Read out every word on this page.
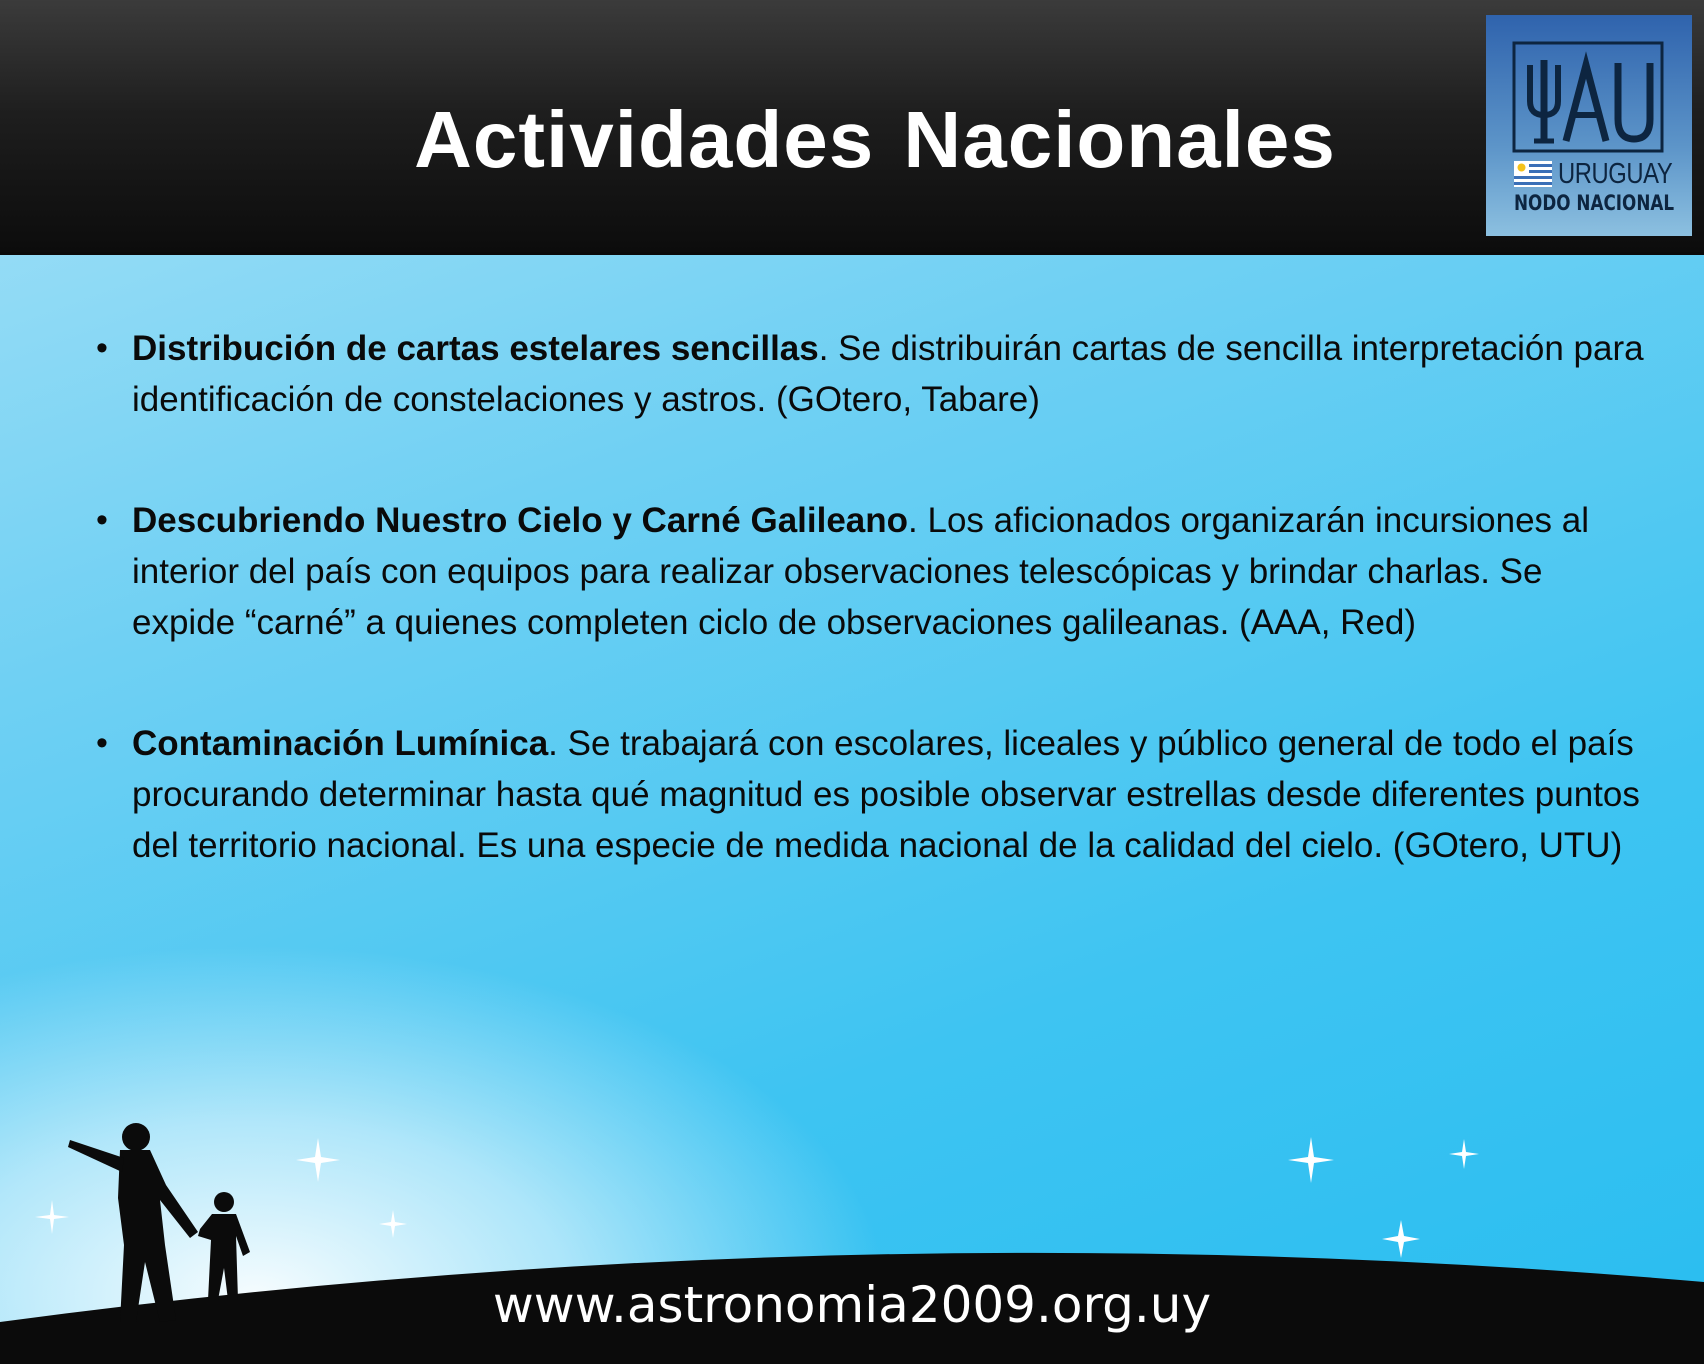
Actividades Nacionales	URUGUAY
NODO NACIONAL
• Distribución de cartas estelares sencillas. Se distribuirán cartas de sencilla interpretación para identificación de constelaciones y astros. (GOtero, Tabare)
• Descubriendo Nuestro Cielo y Carné Galileano. Los aficionados organizarán incursiones al interior del país con equipos para realizar observaciones telescópicas y brindar charlas. Se expide “carné” a quienes completen ciclo de observaciones galileanas. (AAA, Red)
• Contaminación Lumínica. Se trabajará con escolares, liceales y público general de todo el país procurando determinar hasta qué magnitud es posible observar estrellas desde diferentes puntos del territorio nacional. Es una especie de medida nacional de la calidad del cielo. (GOtero, UTU)
www.astronomia2009.org.uy
